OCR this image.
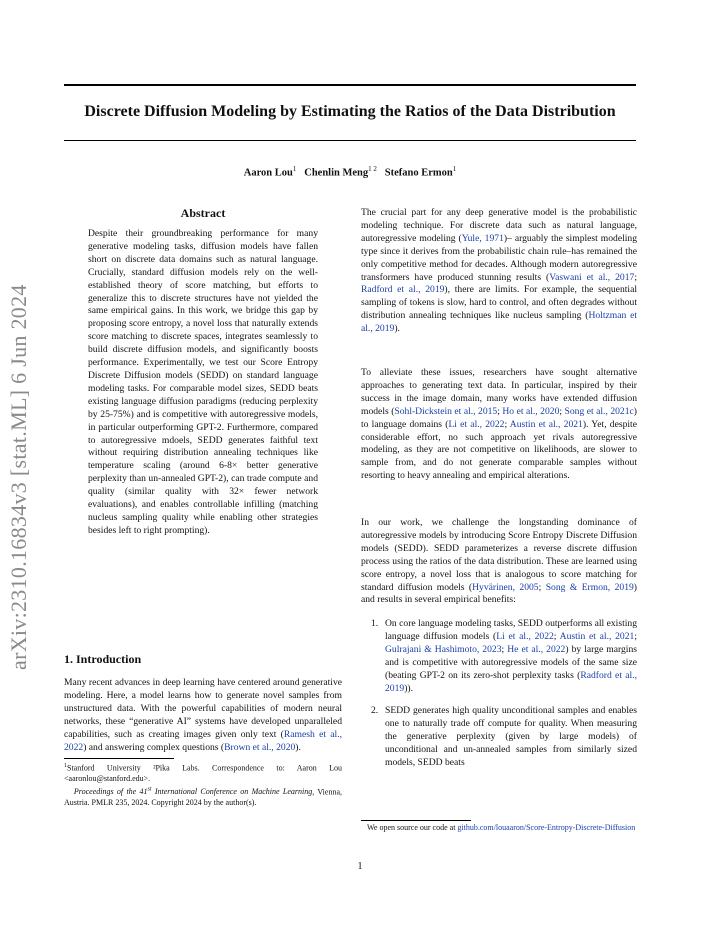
arXiv:2310.16834v3 [stat.ML] 6 Jun 2024
Discrete Diffusion Modeling by Estimating the Ratios of the Data Distribution
Aaron Lou$^1$ Chenlin Meng$^{1 2}$ Stefano Ermon$^1$
Abstract
Despite their groundbreaking performance for many generative modeling tasks, diffusion models have fallen short on discrete data domains such as natural language. Crucially, standard diffusion models rely on the well-established theory of score matching, but efforts to generalize this to discrete structures have not yielded the same empirical gains. In this work, we bridge this gap by proposing score entropy, a novel loss that naturally extends score matching to discrete spaces, integrates seamlessly to build discrete diffusion models, and significantly boosts performance. Experimentally, we test our Score Entropy Discrete Diffusion models (SEDD) on standard language modeling tasks. For comparable model sizes, SEDD beats existing language diffusion paradigms (reducing perplexity by 25-75%) and is competitive with autoregressive models, in particular outperforming GPT-2. Furthermore, compared to autoregressive mdoels, SEDD generates faithful text without requiring distribution annealing techniques like temperature scaling (around 6-8× better generative perplexity than un-annealed GPT-2), can trade compute and quality (similar quality with 32× fewer network evaluations), and enables controllable infilling (matching nucleus sampling quality while enabling other strategies besides left to right prompting).
1. Introduction
Many recent advances in deep learning have centered around generative modeling. Here, a model learns how to generate novel samples from unstructured data. With the powerful capabilities of modern neural networks, these “generative AI” systems have developed unparalleled capabilities, such as creating images given only text (Ramesh et al., 2022) and answering complex questions (Brown et al., 2020).
$^1$Stanford University ²Pika Labs. Correspondence to: Aaron Lou <aaronlou@stanford.edu>.
Proceedings of the 41st International Conference on Machine Learning, Vienna, Austria. PMLR 235, 2024. Copyright 2024 by the author(s).
The crucial part for any deep generative model is the probabilistic modeling technique. For discrete data such as natural language, autoregressive modeling (Yule, 1971)– arguably the simplest modeling type since it derives from the probabilistic chain rule–has remained the only competitive method for decades. Although modern autoregressive transformers have produced stunning results (Vaswani et al., 2017; Radford et al., 2019), there are limits. For example, the sequential sampling of tokens is slow, hard to control, and often degrades without distribution annealing techniques like nucleus sampling (Holtzman et al., 2019).
To alleviate these issues, researchers have sought alternative approaches to generating text data. In particular, inspired by their success in the image domain, many works have extended diffusion models (Sohl-Dickstein et al., 2015; Ho et al., 2020; Song et al., 2021c) to language domains (Li et al., 2022; Austin et al., 2021). Yet, despite considerable effort, no such approach yet rivals autoregressive modeling, as they are not competitive on likelihoods, are slower to sample from, and do not generate comparable samples without resorting to heavy annealing and empirical alterations.
In our work, we challenge the longstanding dominance of autoregressive models by introducing Score Entropy Discrete Diffusion models (SEDD). SEDD parameterizes a reverse discrete diffusion process using the ratios of the data distribution. These are learned using score entropy, a novel loss that is analogous to score matching for standard diffusion models (Hyvärinen, 2005; Song & Ermon, 2019) and results in several empirical benefits:
1. On core language modeling tasks, SEDD outperforms all existing language diffusion models (Li et al., 2022; Austin et al., 2021; Gulrajani & Hashimoto, 2023; He et al., 2022) by large margins and is competitive with autoregressive models of the same size (beating GPT-2 on its zero-shot perplexity tasks (Radford et al., 2019)).
2. SEDD generates high quality unconditional samples and enables one to naturally trade off compute for quality. When measuring the generative perplexity (given by large models) of unconditional and un-annealed samples from similarly sized models, SEDD beats
We open source our code at github.com/louaaron/Score-Entropy-Discrete-Diffusion
1
